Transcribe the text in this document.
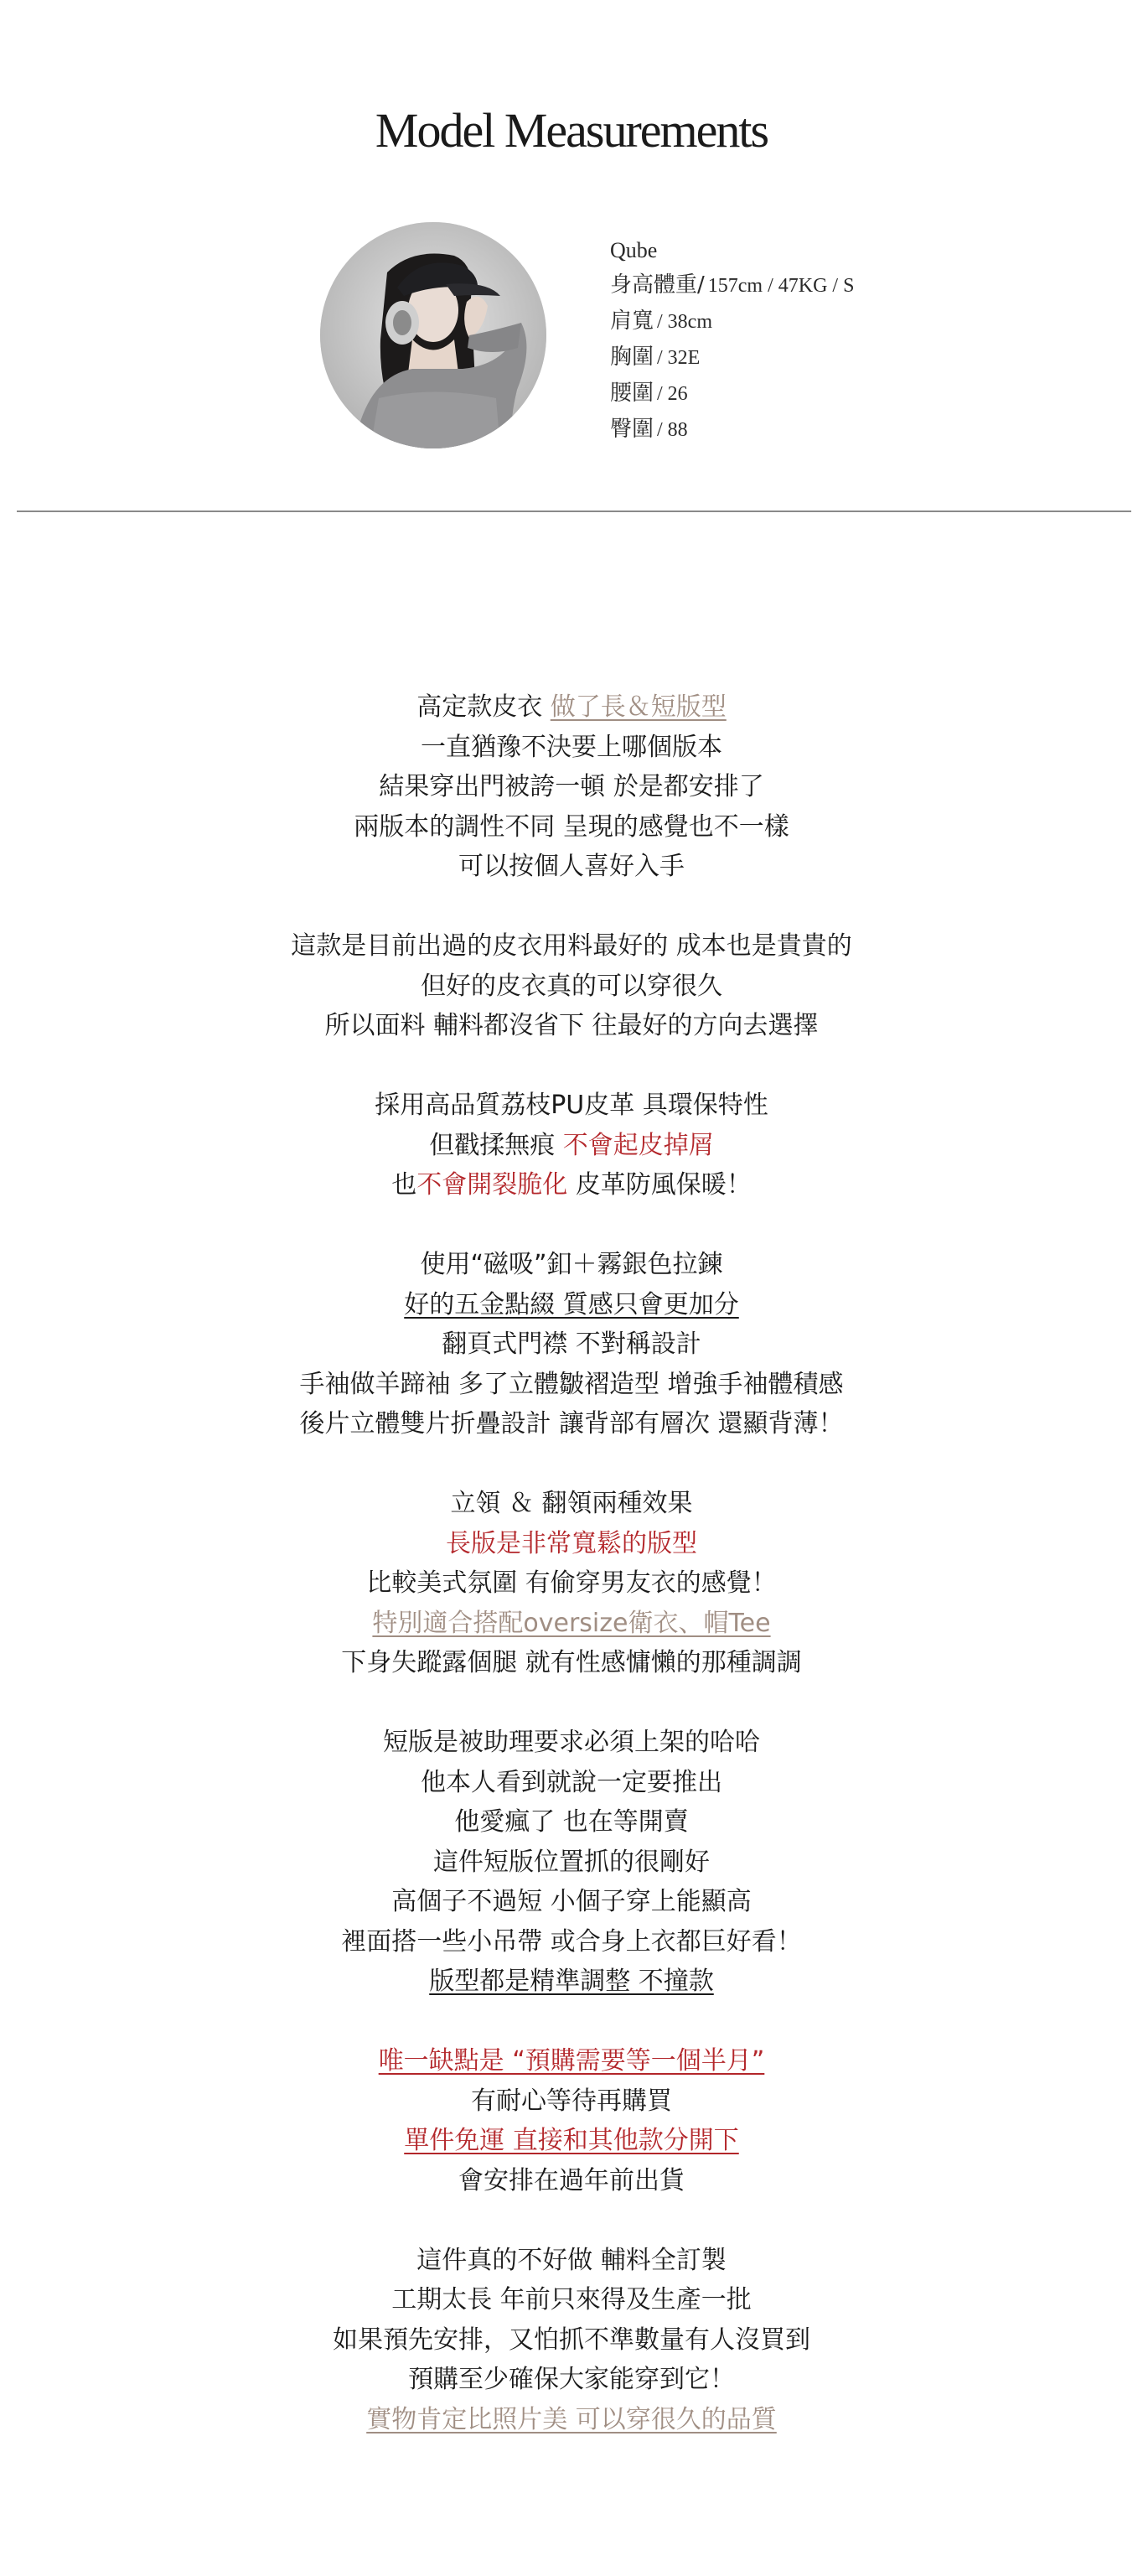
Model Measurements
Qube
身高體重/ 157cm / 47KG / S
肩寬 / 38cm
胸圍 / 32E
腰圍 / 26
臀圍 / 88
高定款皮衣 做了長＆短版型
一直猶豫不決要上哪個版本
結果穿出門被誇一頓 於是都安排了
兩版本的調性不同 呈現的感覺也不一樣
可以按個人喜好入手
這款是目前出過的皮衣用料最好的 成本也是貴貴的
但好的皮衣真的可以穿很久
所以面料 輔料都沒省下 往最好的方向去選擇
採用高品質荔枝PU皮革 具環保特性
但戳揉無痕 不會起皮掉屑
也不會開裂脆化 皮革防風保暖！
使用“磁吸”釦＋霧銀色拉鍊
好的五金點綴 質感只會更加分
翻頁式門襟 不對稱設計
手袖做羊蹄袖 多了立體皺褶造型 增強手袖體積感
後片立體雙片折疊設計 讓背部有層次 還顯背薄！
立領 ＆ 翻領兩種效果
長版是非常寬鬆的版型
比較美式氛圍 有偷穿男友衣的感覺！
特別適合搭配oversize衛衣、帽Tee
下身失蹤露個腿 就有性感慵懶的那種調調
短版是被助理要求必須上架的哈哈
他本人看到就說一定要推出
他愛瘋了 也在等開賣
這件短版位置抓的很剛好
高個子不過短 小個子穿上能顯高
裡面搭一些小吊帶 或合身上衣都巨好看！
版型都是精準調整 不撞款
唯一缺點是 “預購需要等一個半月”
有耐心等待再購買
單件免運 直接和其他款分開下
會安排在過年前出貨
這件真的不好做 輔料全訂製
工期太長 年前只來得及生產一批
如果預先安排，又怕抓不準數量有人沒買到
預購至少確保大家能穿到它！
實物肯定比照片美 可以穿很久的品質
